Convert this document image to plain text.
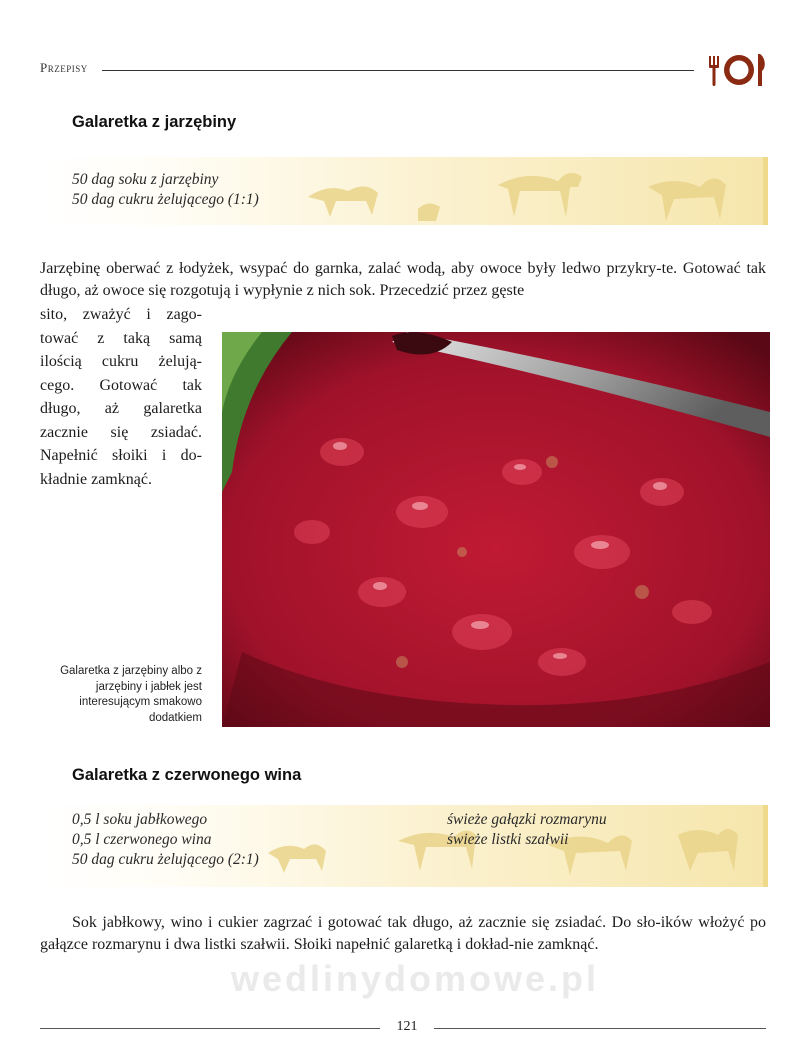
Przepisy
Galaretka z jarzębiny
50 dag soku z jarzębiny
50 dag cukru żelującego (1:1)

Jarzębinę oberwać z łodyżek, wsypać do garnka, zalać wodą, aby owoce były ledwo przykry-te. Gotować tak długo, aż owoce się rozgotują i wypłynie z nich sok. Przecedzić przez gęste

sito, zważyć i zago-tować z taką samą ilością cukru żelują-cego. Gotować tak długo, aż galaretka zacznie się zsiadać. Napełnić słoiki i do-kładnie zamknąć.

Galaretka z jarzębiny albo z jarzębiny i jabłek jest interesującym smakowo dodatkiem
Galaretka z czerwonego wina
0,5 l soku jabłkowego
0,5 l czerwonego wina
50 dag cukru żelującego (2:1)
świeże gałązki rozmarynu
świeże listki szałwii

Sok jabłkowy, wino i cukier zagrzać i gotować tak długo, aż zacznie się zsiadać. Do sło-ików włożyć po gałązce rozmarynu i dwa listki szałwii. Słoiki napełnić galaretką i dokład-nie zamknąć.

wedlinydomowe.pl
121
